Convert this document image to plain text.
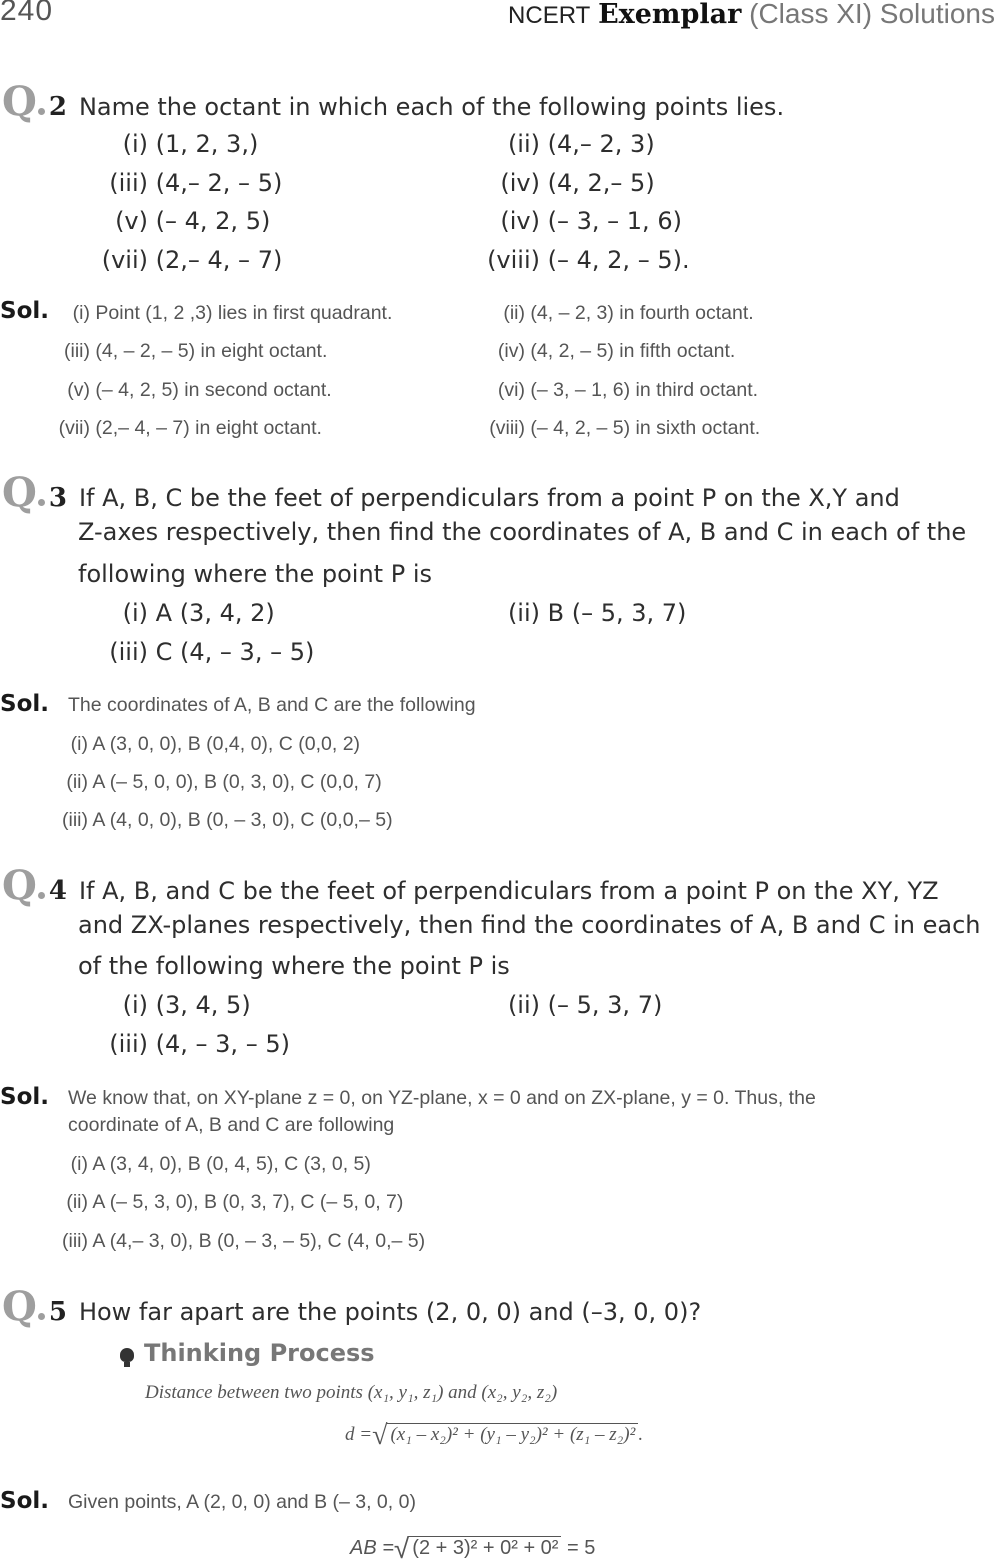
240	NCERT Exemplar (Class XI) Solutions
Q 2 Name the octant in which each of the following points lies.
(i) (1, 2, 3,)	(ii) (4,– 2, 3)
(iii) (4,– 2, – 5)	(iv) (4, 2,– 5)
(v) (– 4, 2, 5)	(iv) (– 3, – 1, 6)
(vii) (2,– 4, – 7)	(viii) (– 4, 2, – 5).
Sol.	(i) Point (1, 2 ,3) lies in first quadrant.	(ii) (4, – 2, 3) in fourth octant.
(iii) (4, – 2, – 5) in eight octant.	(iv) (4, 2, – 5) in fifth octant.
(v) (– 4, 2, 5) in second octant.	(vi) (– 3, – 1, 6) in third octant.
(vii) (2,– 4, – 7) in eight octant.	(viii) (– 4, 2, – 5) in sixth octant.
Q 3 If A, B, C be the feet of perpendiculars from a point P on the X,Y and
Z-axes respectively, then find the coordinates of A, B and C in each of the
following where the point P is
(i) A (3, 4, 2)	(ii) B (– 5, 3, 7)
(iii) C (4, – 3, – 5)
Sol. The coordinates of A, B and C are the following
(i) A (3, 0, 0), B (0,4, 0), C (0,0, 2)
(ii) A (– 5, 0, 0), B (0, 3, 0), C (0,0, 7)
(iii) A (4, 0, 0), B (0, – 3, 0), C (0,0,– 5)
Q 4 If A, B, and C be the feet of perpendiculars from a point P on the XY, YZ
and ZX-planes respectively, then find the coordinates of A, B and C in each
of the following where the point P is
(i) (3, 4, 5)	(ii) (– 5, 3, 7)
(iii) (4, – 3, – 5)
Sol. We know that, on XY-plane z = 0, on YZ-plane, x = 0 and on ZX-plane, y = 0. Thus, the
coordinate of A, B and C are following
(i) A (3, 4, 0), B (0, 4, 5), C (3, 0, 5)
(ii) A (– 5, 3, 0), B (0, 3, 7), C (– 5, 0, 7)
(iii) A (4,– 3, 0), B (0, – 3, – 5), C (4, 0,– 5)
Q 5 How far apart are the points (2, 0, 0) and (–3, 0, 0)?
Thinking Process
Distance between two points (x₁, y₁, z₁) and (x₂, y₂, z₂)
d =√ (x₁ – x₂)² + (y₁ – y₂)² + (z₁ – z₂)² .
Sol. Given points, A (2, 0, 0) and B (– 3, 0, 0)
AB =√ (2 + 3)² + 0² + 0² = 5
